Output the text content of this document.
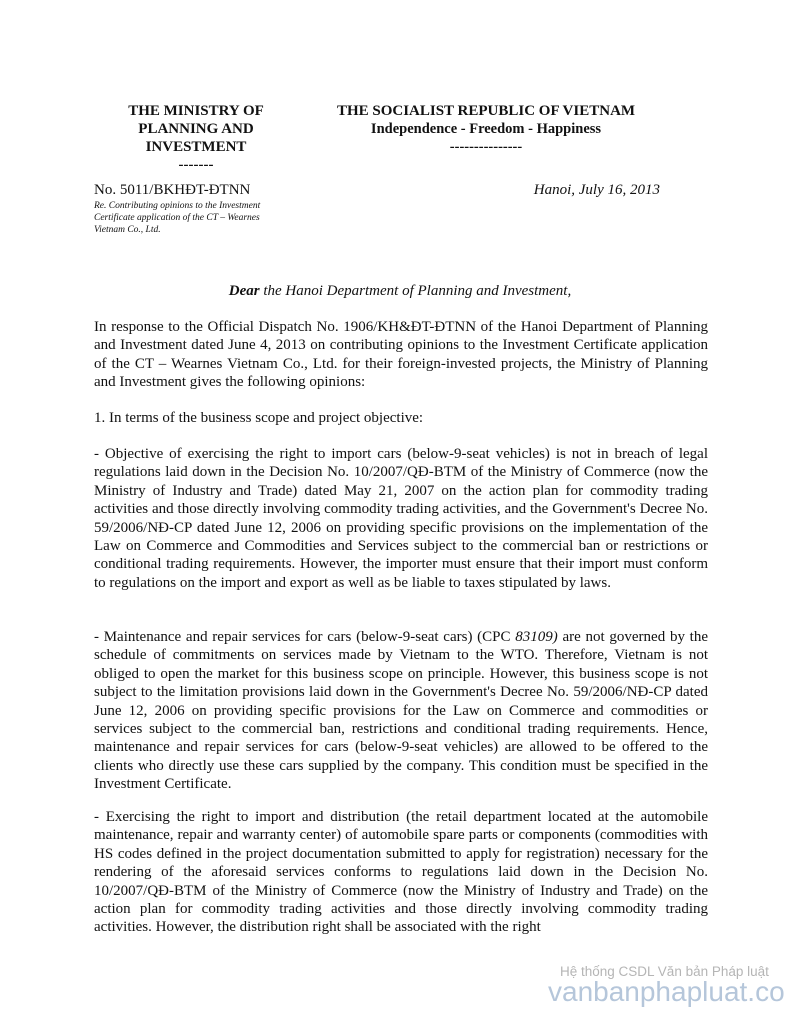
THE MINISTRY OF
PLANNING AND
INVESTMENT
-------
THE SOCIALIST REPUBLIC OF VIETNAM
Independence - Freedom - Happiness
---------------
No. 5011/BKHĐT-ĐTNN	Hanoi, July 16, 2013
Re. Contributing opinions to the Investment
Certificate application of the CT – Wearnes
Vietnam Co., Ltd.
Dear the Hanoi Department of Planning and Investment,

In response to the Official Dispatch No. 1906/KH&ĐT-ĐTNN of the Hanoi Department of Planning and Investment dated June 4, 2013 on contributing opinions to the Investment Certificate application of the CT – Wearnes Vietnam Co., Ltd. for their foreign-invested projects, the Ministry of Planning and Investment gives the following opinions:

1. In terms of the business scope and project objective:

- Objective of exercising the right to import cars (below-9-seat vehicles) is not in breach of legal regulations laid down in the Decision No. 10/2007/QĐ-BTM of the Ministry of Commerce (now the Ministry of Industry and Trade) dated May 21, 2007 on the action plan for commodity trading activities and those directly involving commodity trading activities, and the Government's Decree No. 59/2006/NĐ-CP dated June 12, 2006 on providing specific provisions on the implementation of the Law on Commerce and Commodities and Services subject to the commercial ban or restrictions or conditional trading requirements. However, the importer must ensure that their import must conform to regulations on the import and export as well as be liable to taxes stipulated by laws.

- Maintenance and repair services for cars (below-9-seat cars) (CPC 83109) are not governed by the schedule of commitments on services made by Vietnam to the WTO. Therefore, Vietnam is not obliged to open the market for this business scope on principle. However, this business scope is not subject to the limitation provisions laid down in the Government's Decree No. 59/2006/NĐ-CP dated June 12, 2006 on providing specific provisions for the Law on Commerce and commodities or services subject to the commercial ban, restrictions and conditional trading requirements. Hence, maintenance and repair services for cars (below-9-seat vehicles) are allowed to be offered to the clients who directly use these cars supplied by the company. This condition must be specified in the Investment Certificate.

- Exercising the right to import and distribution (the retail department located at the automobile maintenance, repair and warranty center) of automobile spare parts or components (commodities with HS codes defined in the project documentation submitted to apply for registration) necessary for the rendering of the aforesaid services conforms to regulations laid down in the Decision No. 10/2007/QĐ-BTM of the Ministry of Commerce (now the Ministry of Industry and Trade) on the action plan for commodity trading activities and those directly involving commodity trading activities. However, the distribution right shall be associated with the right

Hệ thống CSDL Văn bản Pháp luật
vanbanphapluat.co
